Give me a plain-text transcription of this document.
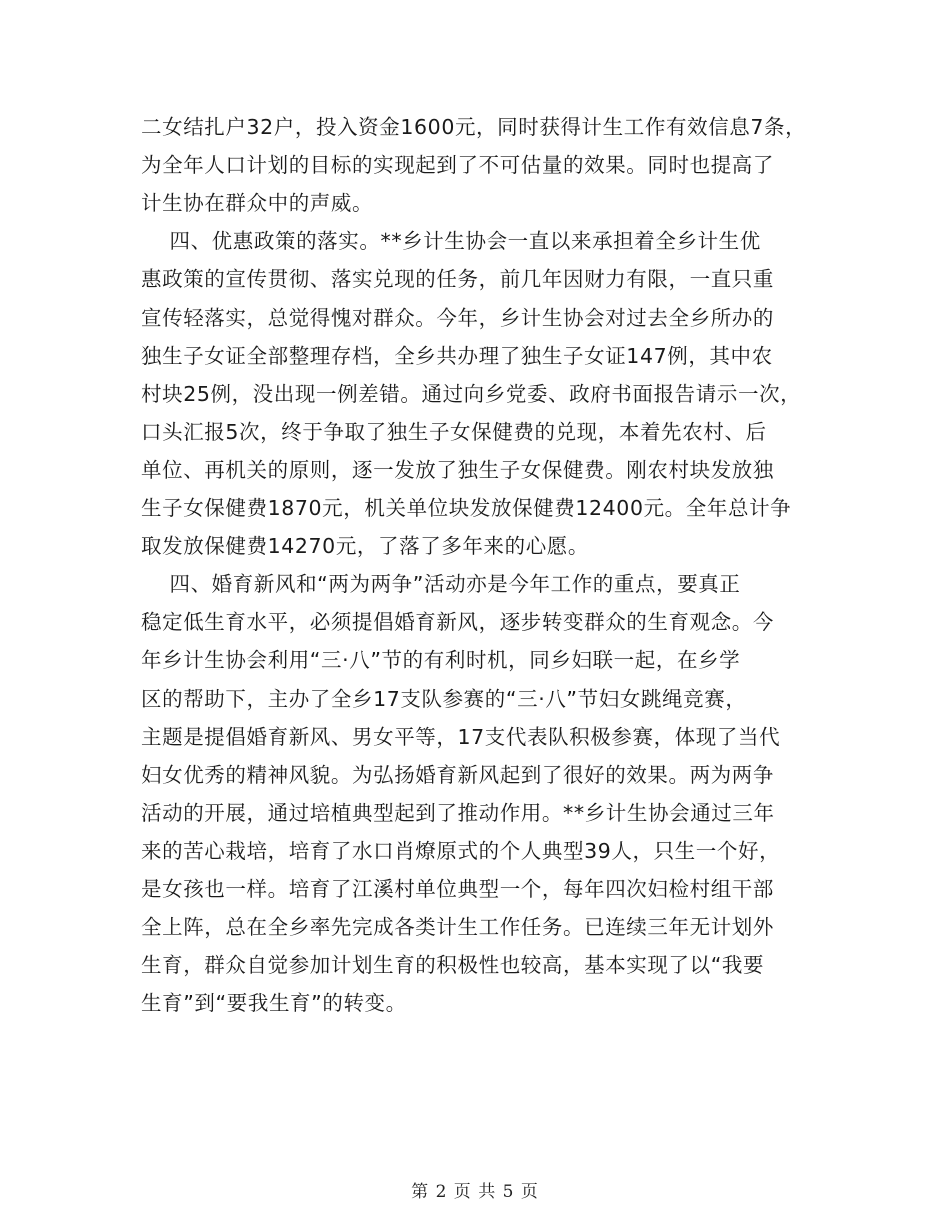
二女结扎户32户，投入资金1600元，同时获得计生工作有效信息7条，
为全年人口计划的目标的实现起到了不可估量的效果。同时也提高了
计生协在群众中的声威。
四、优惠政策的落实。**乡计生协会一直以来承担着全乡计生优
惠政策的宣传贯彻、落实兑现的任务，前几年因财力有限，一直只重
宣传轻落实，总觉得愧对群众。今年，乡计生协会对过去全乡所办的
独生子女证全部整理存档，全乡共办理了独生子女证147例，其中农
村块25例，没出现一例差错。通过向乡党委、政府书面报告请示一次，
口头汇报5次，终于争取了独生子女保健费的兑现，本着先农村、后
单位、再机关的原则，逐一发放了独生子女保健费。刚农村块发放独
生子女保健费1870元，机关单位块发放保健费12400元。全年总计争
取发放保健费14270元，了落了多年来的心愿。
四、婚育新风和“两为两争”活动亦是今年工作的重点，要真正
稳定低生育水平，必须提倡婚育新风，逐步转变群众的生育观念。今
年乡计生协会利用“三·八”节的有利时机，同乡妇联一起，在乡学
区的帮助下，主办了全乡17支队参赛的“三·八”节妇女跳绳竞赛，
主题是提倡婚育新风、男女平等，17支代表队积极参赛，体现了当代
妇女优秀的精神风貌。为弘扬婚育新风起到了很好的效果。两为两争
活动的开展，通过培植典型起到了推动作用。**乡计生协会通过三年
来的苦心栽培，培育了水口肖燎原式的个人典型39人，只生一个好，
是女孩也一样。培育了江溪村单位典型一个，每年四次妇检村组干部
全上阵，总在全乡率先完成各类计生工作任务。已连续三年无计划外
生育，群众自觉参加计划生育的积极性也较高，基本实现了以“我要
生育”到“要我生育”的转变。
第 2 页 共 5 页
